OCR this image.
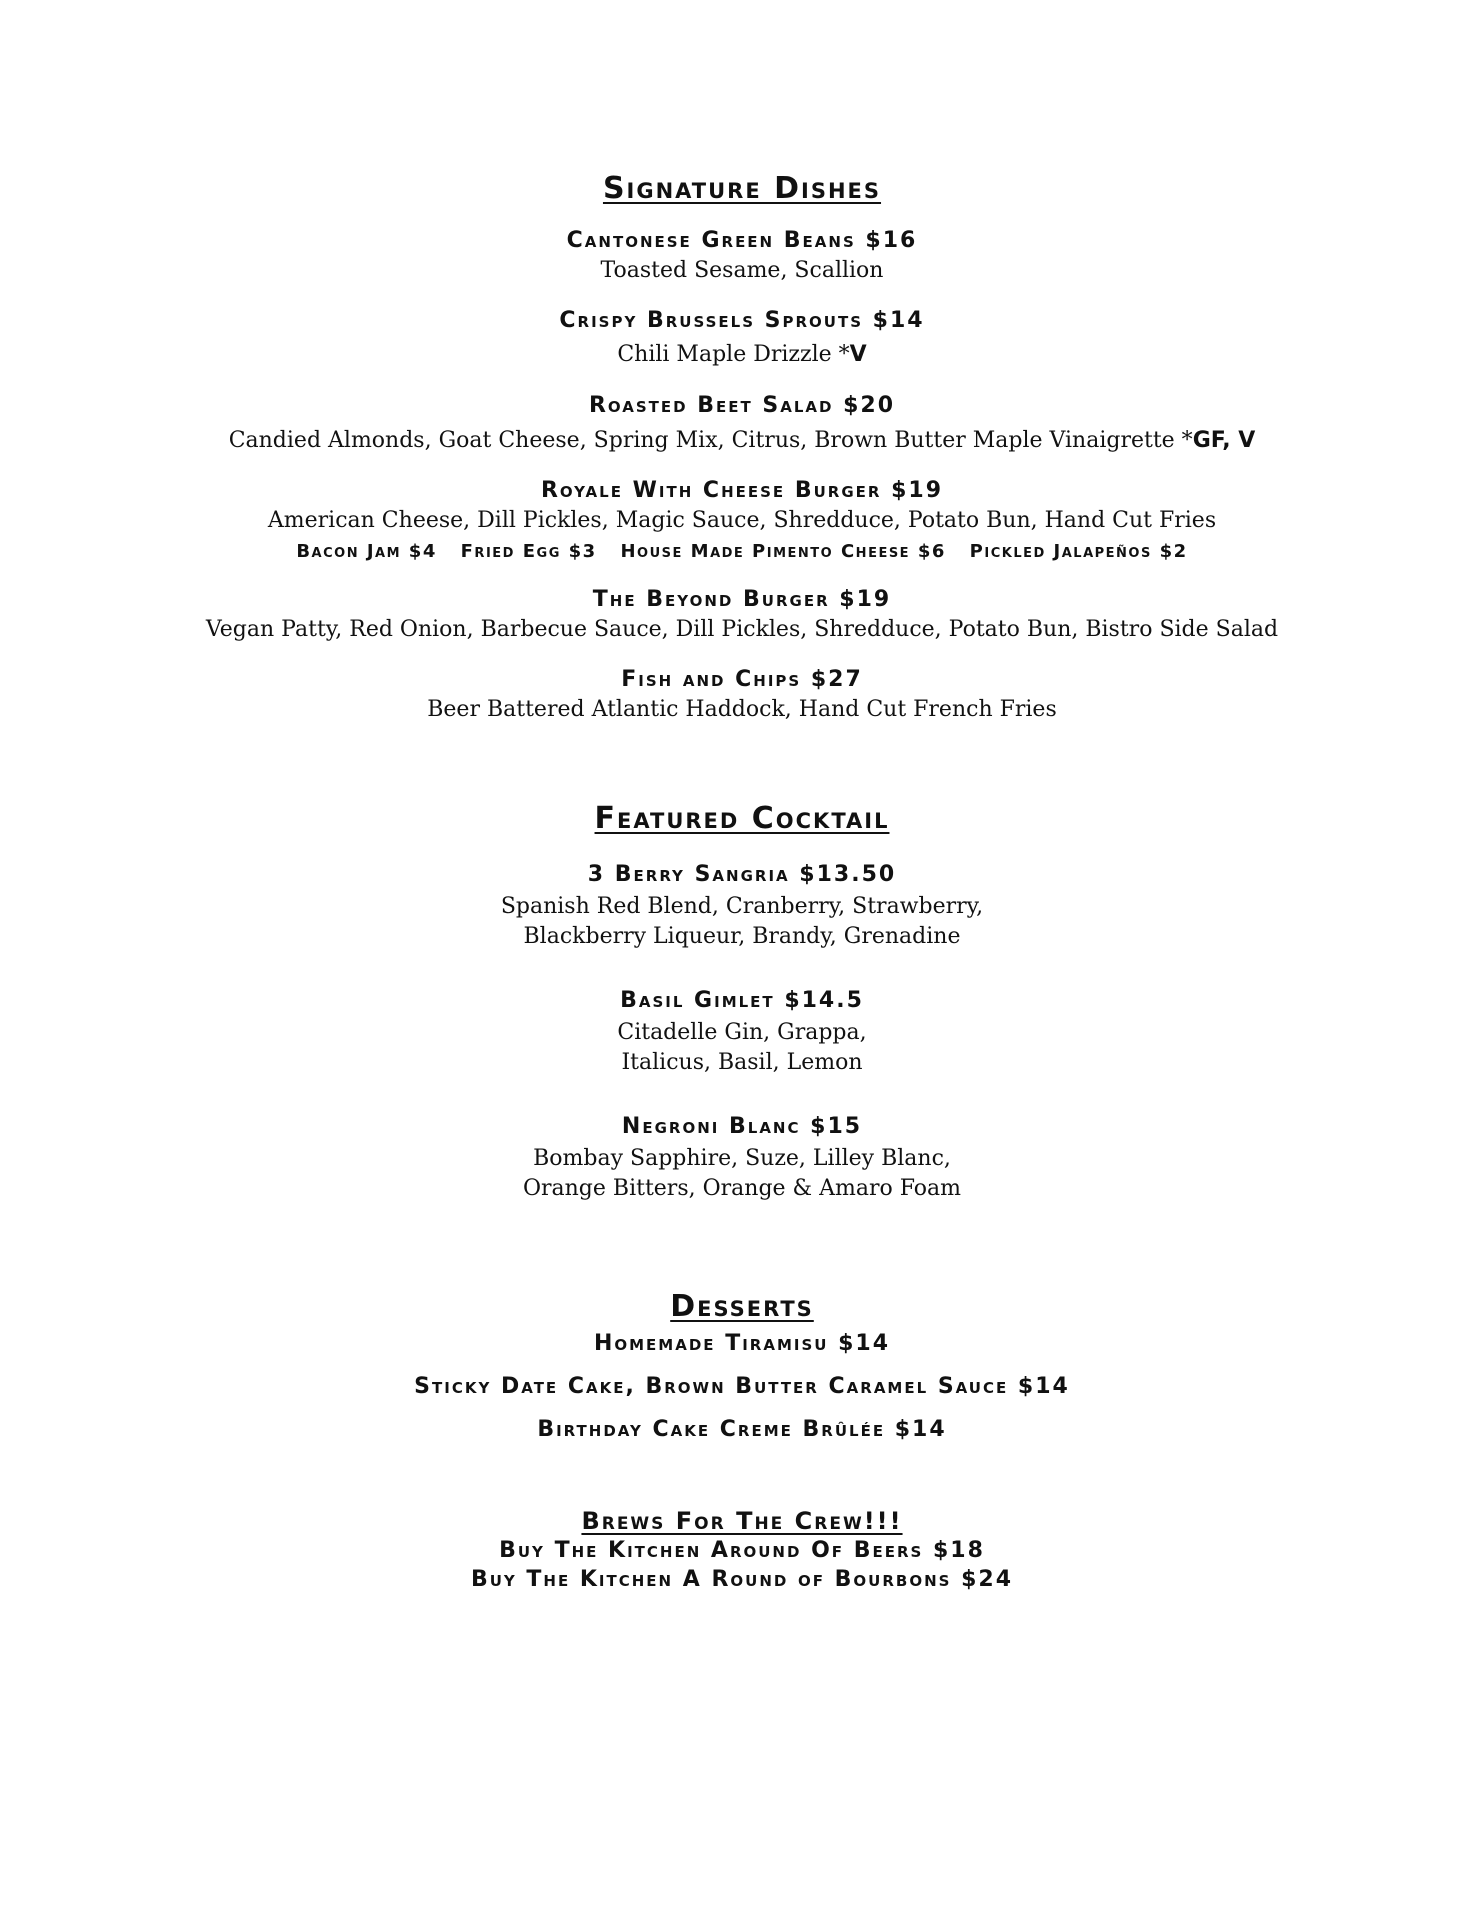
Signature Dishes
Cantonese Green Beans $16
Toasted Sesame, Scallion
Crispy Brussels Sprouts $14
Chili Maple Drizzle *V
Roasted Beet Salad $20
Candied Almonds, Goat Cheese, Spring Mix, Citrus, Brown Butter Maple Vinaigrette *GF, V
Royale With Cheese Burger $19
American Cheese, Dill Pickles, Magic Sauce, Shredduce, Potato Bun, Hand Cut Fries
Bacon Jam $4 Fried Egg $3 House Made Pimento Cheese $6 Pickled Jalapeños $2
The Beyond Burger $19
Vegan Patty, Red Onion, Barbecue Sauce, Dill Pickles, Shredduce, Potato Bun, Bistro Side Salad
Fish and Chips $27
Beer Battered Atlantic Haddock, Hand Cut French Fries
Featured Cocktail
3 Berry Sangria $13.50
Spanish Red Blend, Cranberry, Strawberry,
Blackberry Liqueur, Brandy, Grenadine
Basil Gimlet $14.5
Citadelle Gin, Grappa,
Italicus, Basil, Lemon
Negroni Blanc $15
Bombay Sapphire, Suze, Lilley Blanc,
Orange Bitters, Orange & Amaro Foam
Desserts
Homemade Tiramisu $14
Sticky Date Cake, Brown Butter Caramel Sauce $14
Birthday Cake Creme Brûlée $14
Brews For The Crew!!!
Buy The Kitchen Around Of Beers $18
Buy The Kitchen A Round of Bourbons $24
